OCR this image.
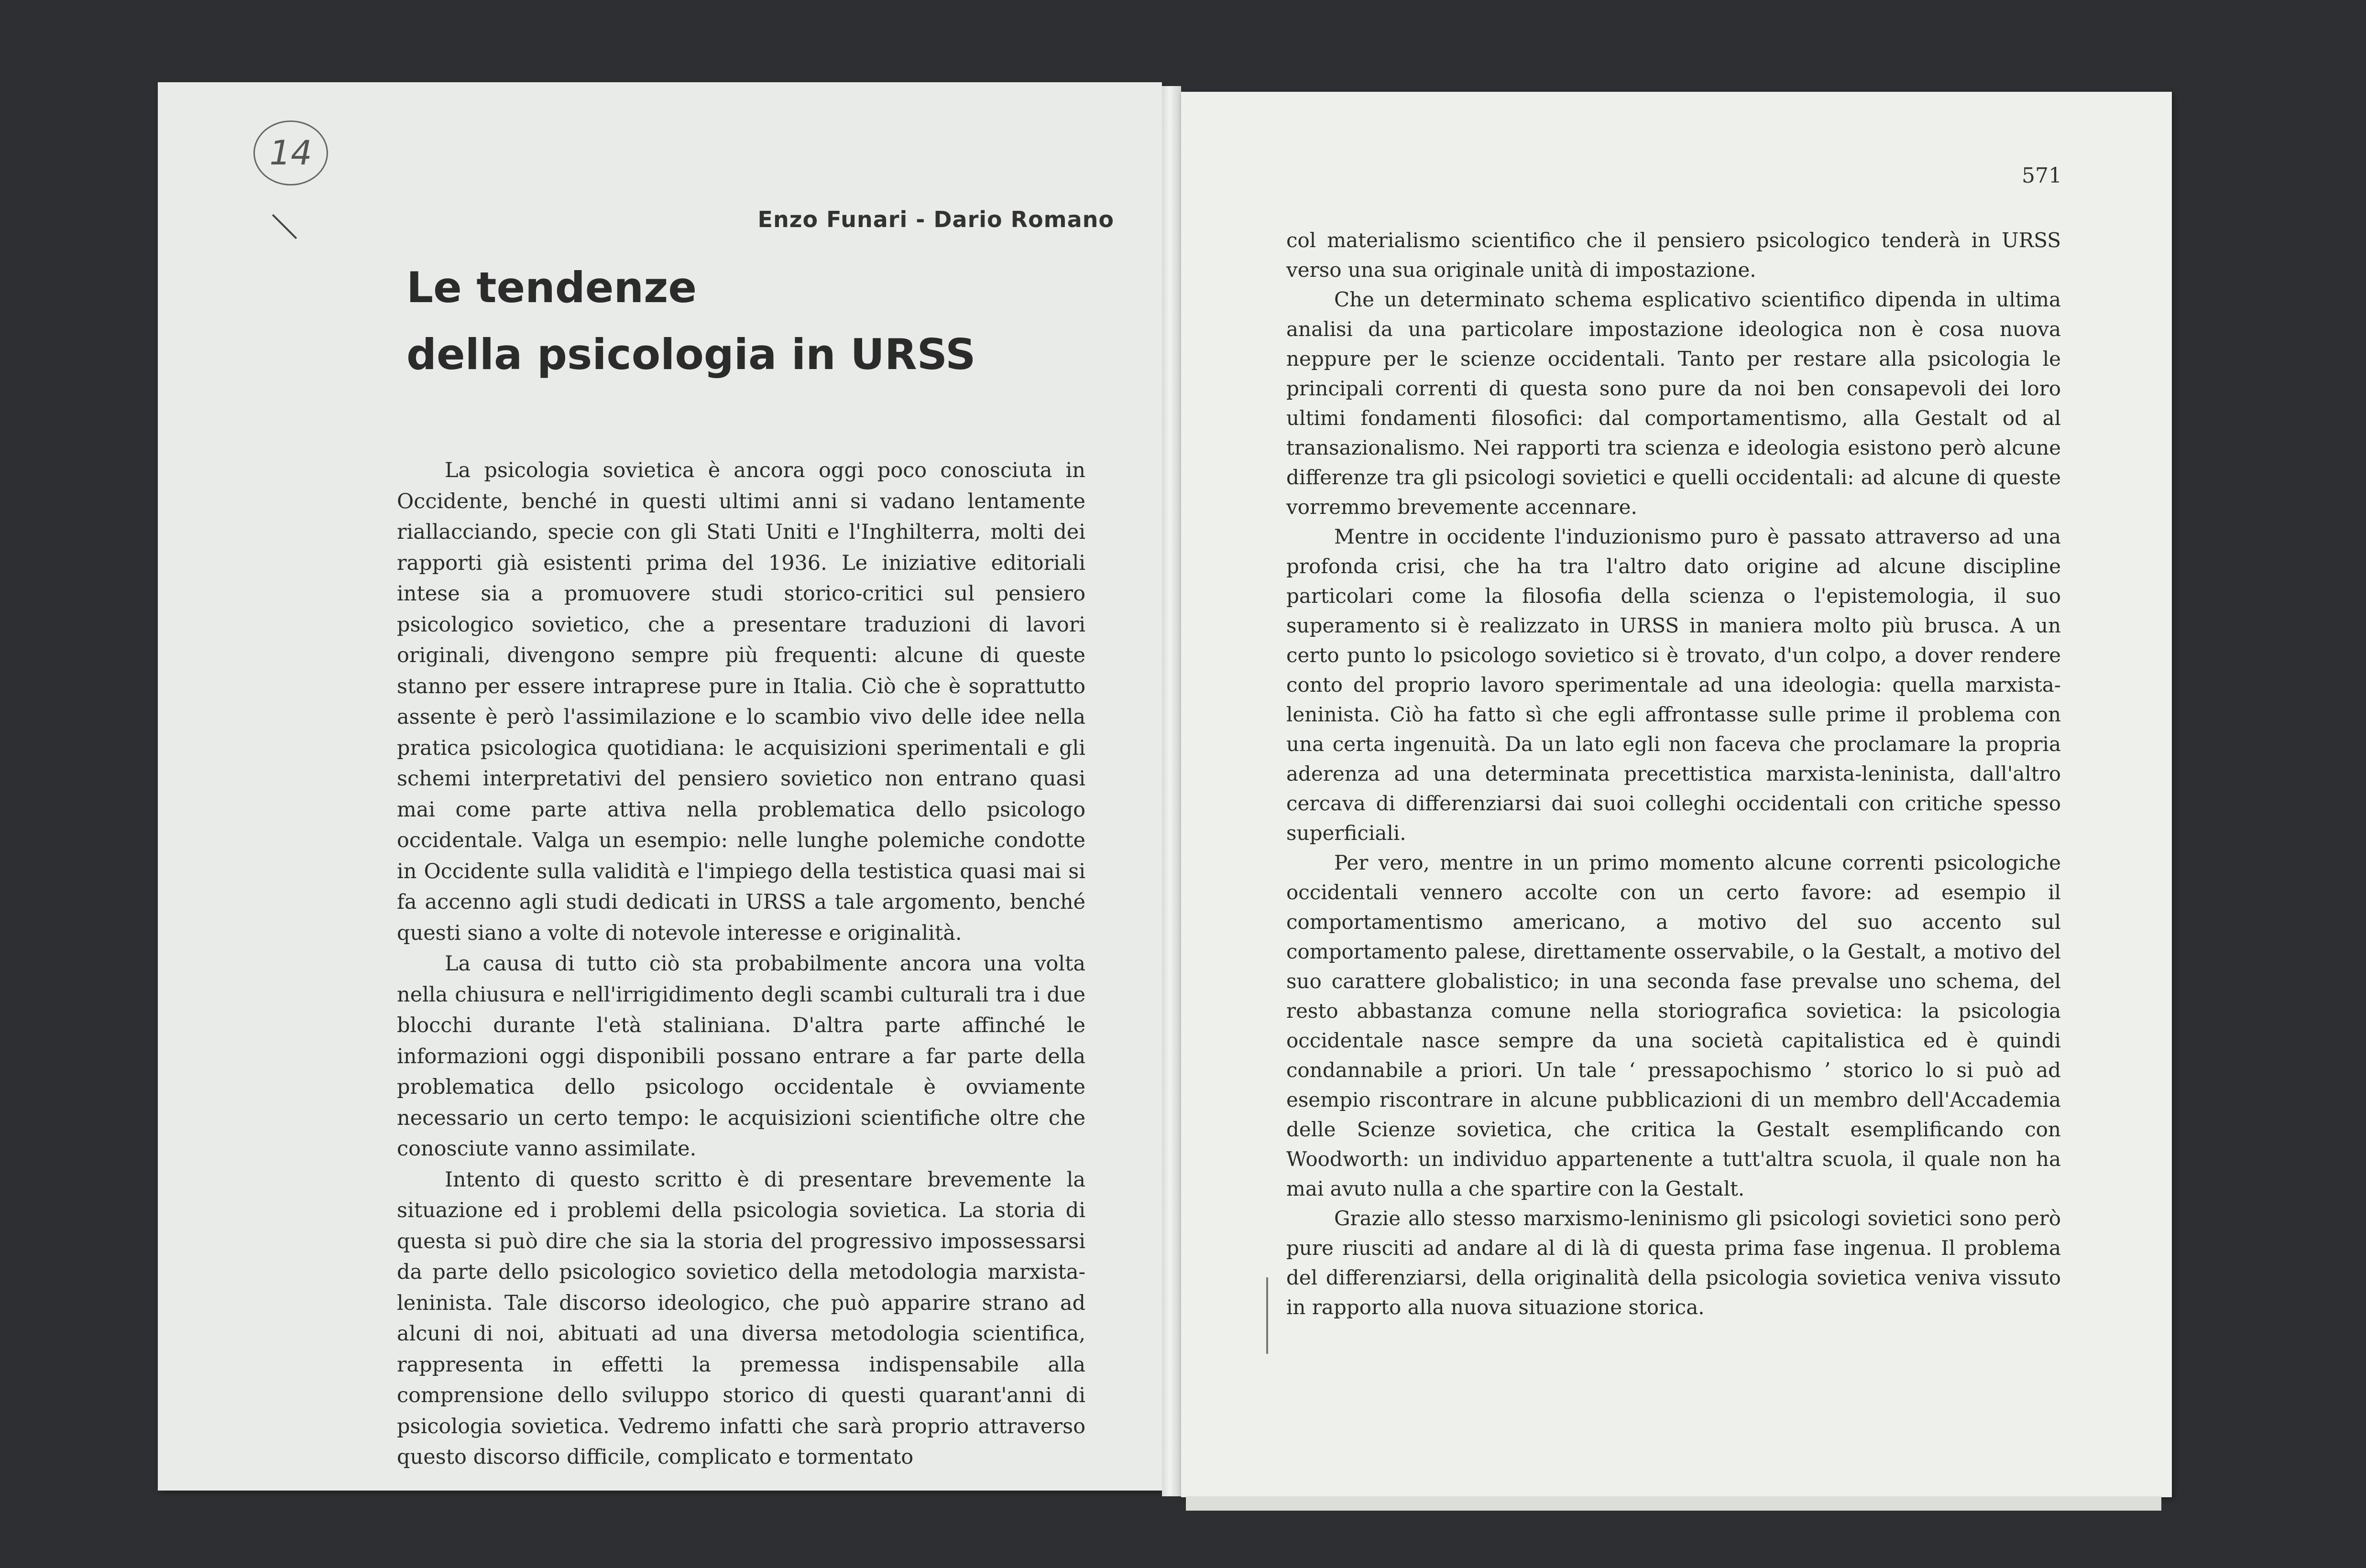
14
Enzo Funari - Dario Romano
Le tendenze
della psicologia in URSS

La psicologia sovietica è ancora oggi poco conosciuta in Occidente, benché in questi ultimi anni si vadano lentamente riallacciando, specie con gli Stati Uniti e l'Inghilterra, molti dei rapporti già esistenti prima del 1936. Le iniziative editoriali intese sia a promuovere studi storico-critici sul pensiero psicologico sovietico, che a presentare traduzioni di lavori originali, divengono sempre più frequenti: alcune di queste stanno per essere intraprese pure in Italia. Ciò che è soprattutto assente è però l'assimilazione e lo scambio vivo delle idee nella pratica psicologica quotidiana: le acquisizioni sperimentali e gli schemi interpretativi del pensiero sovietico non entrano quasi mai come parte attiva nella problematica dello psicologo occidentale. Valga un esempio: nelle lunghe polemiche condotte in Occidente sulla validità e l'impiego della testistica quasi mai si fa accenno agli studi dedicati in URSS a tale argomento, benché questi siano a volte di notevole interesse e originalità.

La causa di tutto ciò sta probabilmente ancora una volta nella chiusura e nell'irrigidimento degli scambi culturali tra i due blocchi durante l'età staliniana. D'altra parte affinché le informazioni oggi disponibili possano entrare a far parte della problematica dello psicologo occidentale è ovviamente necessario un certo tempo: le acquisizioni scientifiche oltre che conosciute vanno assimilate.

Intento di questo scritto è di presentare brevemente la situazione ed i problemi della psicologia sovietica. La storia di questa si può dire che sia la storia del progressivo impossessarsi da parte dello psicologico sovietico della metodologia marxista-leninista. Tale discorso ideologico, che può apparire strano ad alcuni di noi, abituati ad una diversa metodologia scientifica, rappresenta in effetti la premessa indispensabile alla comprensione dello sviluppo storico di questi quarant'anni di psicologia sovietica. Vedremo infatti che sarà proprio attraverso questo discorso difficile, complicato e tormentato

571

col materialismo scientifico che il pensiero psicologico tenderà in URSS verso una sua originale unità di impostazione.

Che un determinato schema esplicativo scientifico dipenda in ultima analisi da una particolare impostazione ideologica non è cosa nuova neppure per le scienze occidentali. Tanto per restare alla psicologia le principali correnti di questa sono pure da noi ben consapevoli dei loro ultimi fondamenti filosofici: dal comportamentismo, alla Gestalt od al transazionalismo. Nei rapporti tra scienza e ideologia esistono però alcune differenze tra gli psicologi sovietici e quelli occidentali: ad alcune di queste vorremmo brevemente accennare.

Mentre in occidente l'induzionismo puro è passato attraverso ad una profonda crisi, che ha tra l'altro dato origine ad alcune discipline particolari come la filosofia della scienza o l'epistemologia, il suo superamento si è realizzato in URSS in maniera molto più brusca. A un certo punto lo psicologo sovietico si è trovato, d'un colpo, a dover rendere conto del proprio lavoro sperimentale ad una ideologia: quella marxista-leninista. Ciò ha fatto sì che egli affrontasse sulle prime il problema con una certa ingenuità. Da un lato egli non faceva che proclamare la propria aderenza ad una determinata precettistica marxista-leninista, dall'altro cercava di differenziarsi dai suoi colleghi occidentali con critiche spesso superficiali.

Per vero, mentre in un primo momento alcune correnti psicologiche occidentali vennero accolte con un certo favore: ad esempio il comportamentismo americano, a motivo del suo accento sul comportamento palese, direttamente osservabile, o la Gestalt, a motivo del suo carattere globalistico; in una seconda fase prevalse uno schema, del resto abbastanza comune nella storiografica sovietica: la psicologia occidentale nasce sempre da una società capitalistica ed è quindi condannabile a priori. Un tale ‘ pressapochismo ’ storico lo si può ad esempio riscontrare in alcune pubblicazioni di un membro dell'Accademia delle Scienze sovietica, che critica la Gestalt esemplificando con Woodworth: un individuo appartenente a tutt'altra scuola, il quale non ha mai avuto nulla a che spartire con la Gestalt.

Grazie allo stesso marxismo-leninismo gli psicologi sovietici sono però pure riusciti ad andare al di là di questa prima fase ingenua. Il problema del differenziarsi, della originalità della psicologia sovietica veniva vissuto in rapporto alla nuova situazione storica.
